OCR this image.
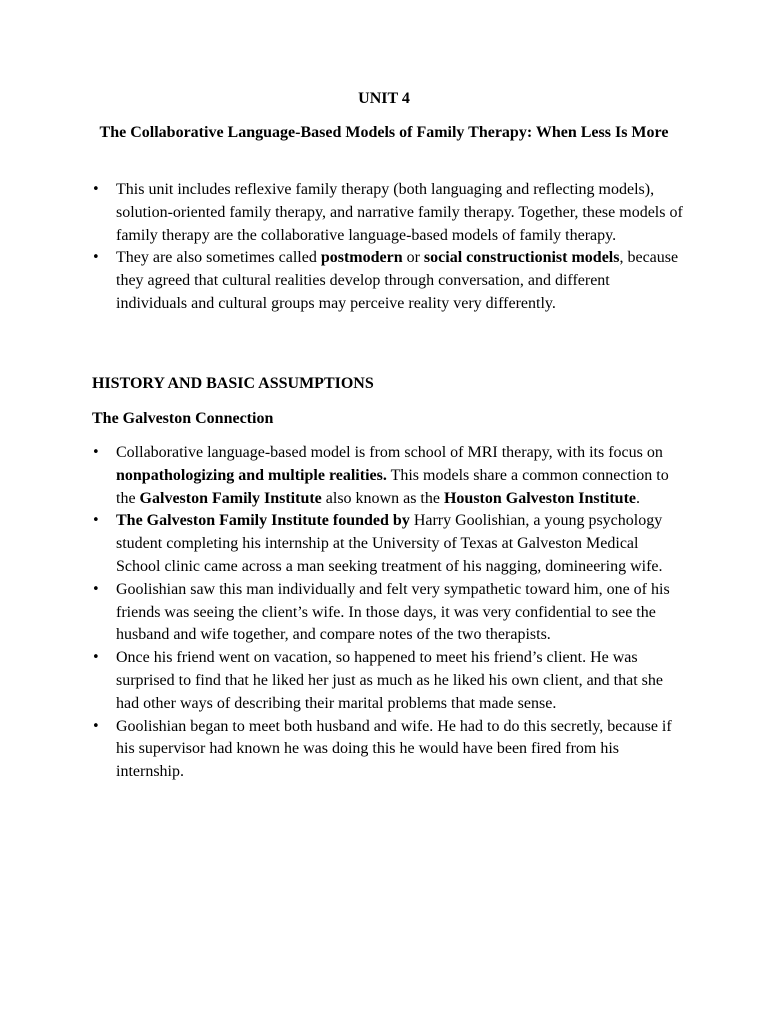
UNIT 4
The Collaborative Language-Based Models of Family Therapy: When Less Is More
• This unit includes reflexive family therapy (both languaging and reflecting models), solution-oriented family therapy, and narrative family therapy. Together, these models of family therapy are the collaborative language-based models of family therapy.
• They are also sometimes called postmodern or social constructionist models, because they agreed that cultural realities develop through conversation, and different individuals and cultural groups may perceive reality very differently.
HISTORY AND BASIC ASSUMPTIONS
The Galveston Connection
• Collaborative language-based model is from school of MRI therapy, with its focus on nonpathologizing and multiple realities. This models share a common connection to the Galveston Family Institute also known as the Houston Galveston Institute.
• The Galveston Family Institute founded by Harry Goolishian, a young psychology student completing his internship at the University of Texas at Galveston Medical School clinic came across a man seeking treatment of his nagging, domineering wife.
• Goolishian saw this man individually and felt very sympathetic toward him, one of his friends was seeing the client’s wife. In those days, it was very confidential to see the husband and wife together, and compare notes of the two therapists.
• Once his friend went on vacation, so happened to meet his friend’s client. He was surprised to find that he liked her just as much as he liked his own client, and that she had other ways of describing their marital problems that made sense.
• Goolishian began to meet both husband and wife. He had to do this secretly, because if his supervisor had known he was doing this he would have been fired from his internship.
